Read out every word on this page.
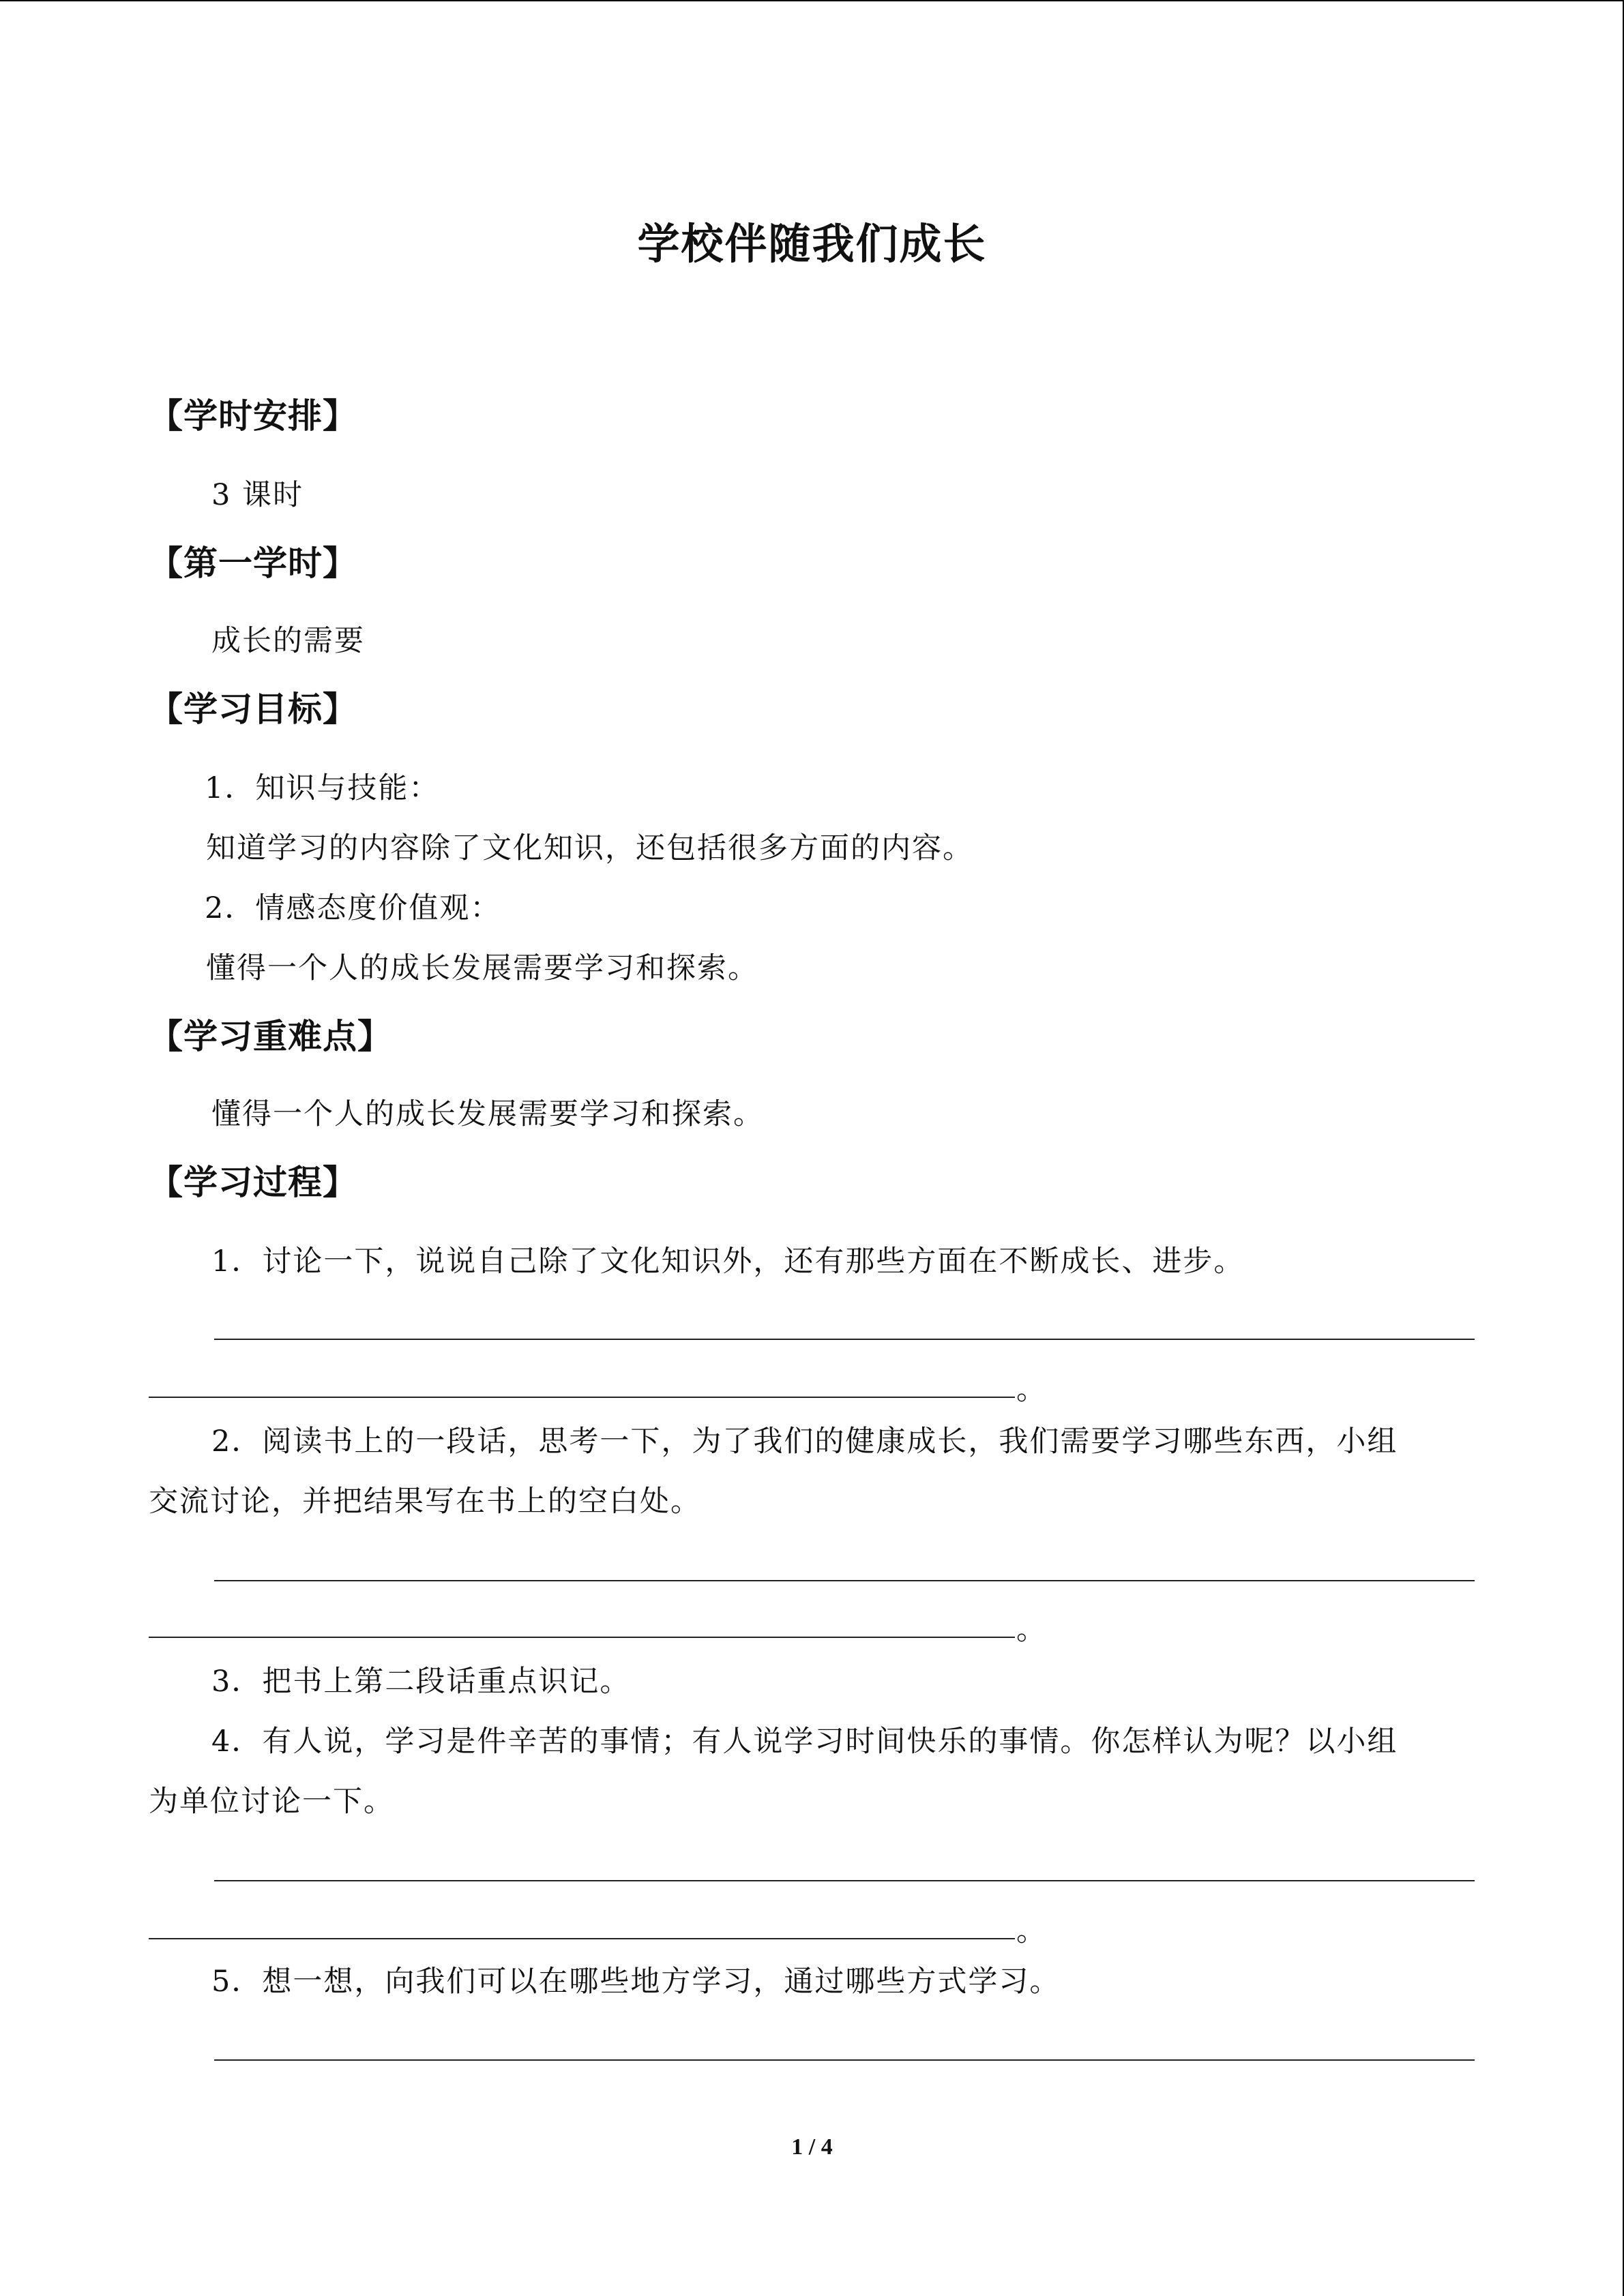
学校伴随我们成长
【学时安排】
3 课时
【第一学时】
成长的需要
【学习目标】
1．知识与技能：
知道学习的内容除了文化知识，还包括很多方面的内容。
2．情感态度价值观：
懂得一个人的成长发展需要学习和探索。
【学习重难点】
懂得一个人的成长发展需要学习和探索。
【学习过程】
1．讨论一下，说说自己除了文化知识外，还有那些方面在不断成长、进步。
。
2．阅读书上的一段话，思考一下，为了我们的健康成长，我们需要学习哪些东西，小组
交流讨论，并把结果写在书上的空白处。
。
3．把书上第二段话重点识记。
4．有人说，学习是件辛苦的事情；有人说学习时间快乐的事情。你怎样认为呢？以小组
为单位讨论一下。
。
5．想一想，向我们可以在哪些地方学习，通过哪些方式学习。
1 / 4
